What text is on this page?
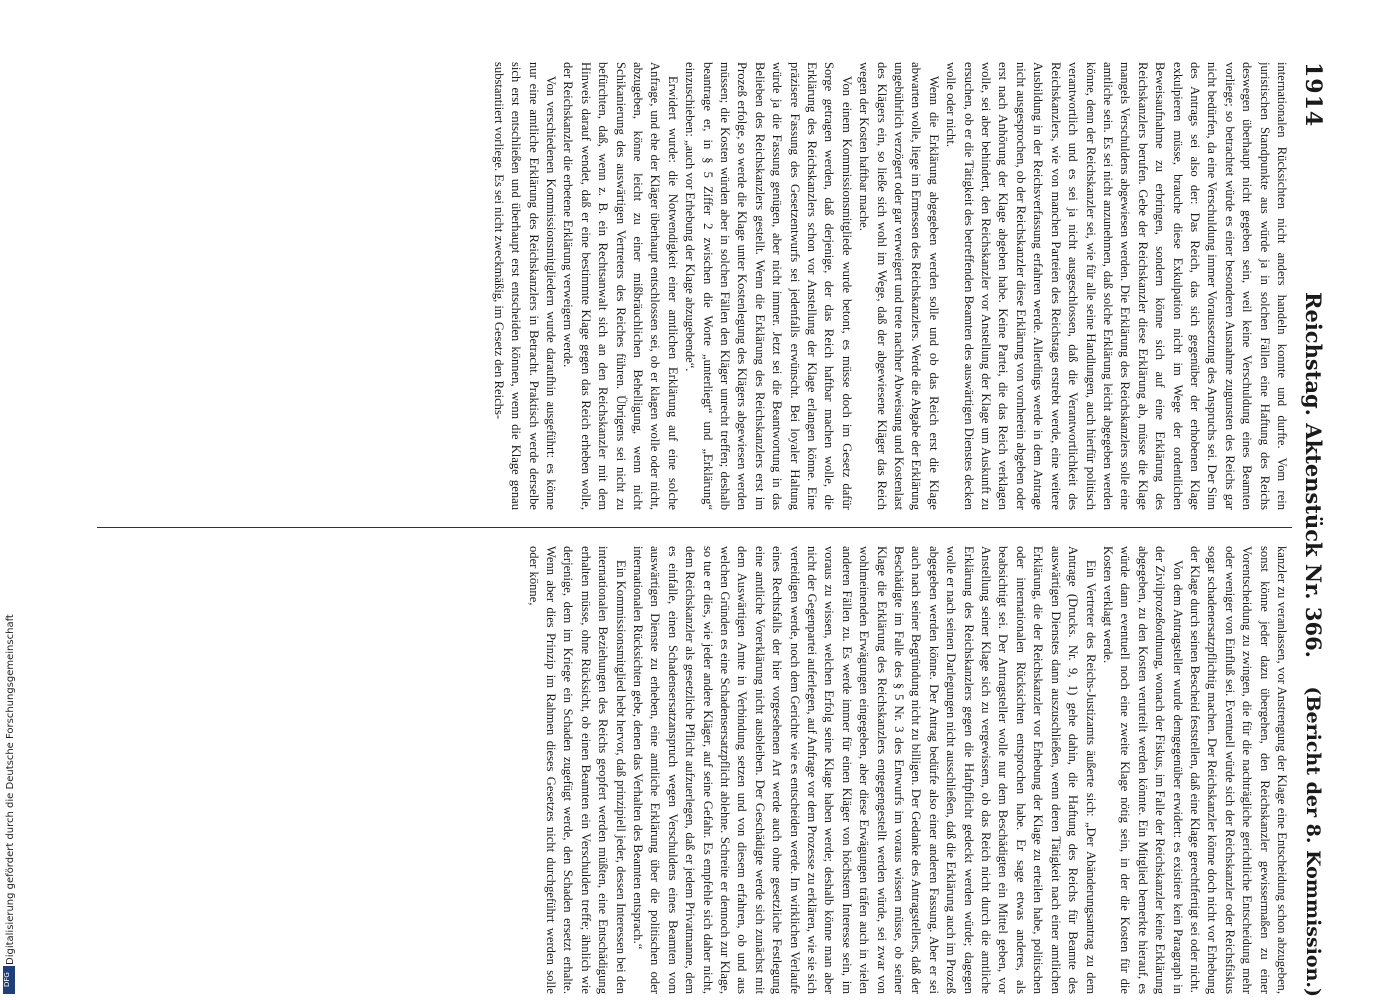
1914
Reichstag. Aktenstück Nr. 366.
(Bericht der 8. Kommission.)

internationalen Rücksichten nicht anders handeln konnte und durfte. Vom rein juristischen Standpunkte aus würde ja in solchen Fällen eine Haftung des Reichs deswegen überhaupt nicht gegeben sein, weil keine Verschuldung eines Beamten vorliege; so betrachtet würde es einer besonderen Ausnahme zugunsten des Reichs gar nicht bedürfen, da eine Verschuldung immer Voraussetzung des Anspruchs sei. Der Sinn des Antrags sei also der: Das Reich, das sich gegenüber der erhobenen Klage exkulpieren müsse, brauche diese Exkulpation nicht im Wege der ordentlichen Beweisaufnahme zu erbringen, sondern könne sich auf eine Erklärung des Reichskanzlers berufen. Gebe der Reichskanzler diese Erklärung ab, müsse die Klage mangels Verschuldens abgewiesen werden. Die Erklärung des Reichskanzlers solle eine amtliche sein. Es sei nicht anzunehmen, daß solche Erklärung leicht abgegeben werden könne, denn der Reichskanzler sei, wie für alle seine Handlungen, auch hierfür politisch verantwortlich und es sei ja nicht ausgeschlossen, daß die Verantwortlichkeit des Reichskanzlers, wie von manchen Parteien des Reichstags erstrebt werde, eine weitere Ausbildung in der Reichsverfassung erfahren werde. Allerdings werde in dem Antrage nicht ausgesprochen, ob der Reichskanzler diese Erklärung von vornherein abgeben oder erst nach Anhörung der Klage abgeben habe. Keine Partei, die das Reich verklagen wolle, sei aber behindert, den Reichskanzler vor Anstellung der Klage um Auskunft zu ersuchen, ob er die Tätigkeit des betreffenden Beamten des auswärtigen Dienstes decken wolle oder nicht.

Wenn die Erklärung abgegeben werden solle und ob das Reich erst die Klage abwarten wolle, liege im Ermessen des Reichskanzlers. Werde die Abgabe der Erklärung ungebührlich verzögert oder gar verweigert und trete nachher Abweisung und Kostenlast des Klägers ein, so ließe sich wohl im Wege, daß der abgewiesene Kläger das Reich wegen der Kosten haftbar mache.

Von einem Kommissionsmitgliede wurde betont, es müsse doch im Gesetz dafür Sorge getragen werden, daß derjenige, der das Reich haftbar machen wolle, die Erklärung des Reichskanzlers schon vor Anstellung der Klage erlangen könne. Eine präzisere Fassung des Gesetzentwurfs sei jedenfalls erwünscht. Bei loyaler Haltung würde ja die Fassung genügen, aber nicht immer. Jetzt sei die Beantwortung in das Belieben des Reichskanzlers gestellt. Wenn die Erklärung des Reichskanzlers erst im Prozeß erfolge, so werde die Klage unter Kostenlegung des Klägers abgewiesen werden müssen; die Kosten würden aber in solchen Fällen den Kläger unrecht treffen; deshalb beantrage er, in § 5 Ziffer 2 zwischen die Worte „unterliegt“ und „Erklärung“ einzuschieben: „auch vor Erhebung der Klage abzugebende“.

Erwidert wurde: die Notwendigkeit einer amtlichen Erklärung auf eine solche Anfrage, und ehe der Kläger überhaupt entschlossen sei, ob er klagen wolle oder nicht, abzugeben, könne leicht zu einer mißbräuchlichen Behelligung, wenn nicht Schikanierung des auswärtigen Vertreters des Reiches führen. Übrigens sei nicht zu befürchten, daß, wenn z. B. ein Rechtsanwalt sich an den Reichskanzler mit dem Hinweis darauf wendet, daß er eine bestimmte Klage gegen das Reich erheben wolle, der Reichskanzler die erbetene Erklärung verweigern werde.

Von verschiedenen Kommissionsmitgliedern wurde daraufhin ausgeführt: es könne nur eine amtliche Erklärung des Reichskanzlers in Betracht. Praktisch werde derselbe sich erst entschließen und überhaupt erst entscheiden können, wenn die Klage genau substantiiert vorliege. Es sei nicht zweckmäßig, im Gesetz den Reichs-

kanzler zu veranlassen, vor Anstrengung der Klage eine Entscheidung schon abzugeben, sonst könne jeder dazu übergehen, den Reichskanzler gewissermaßen zu einer Vorentscheidung zu zwingen, die für die nachträgliche gerichtliche Entscheidung mehr oder weniger von Einfluß sei. Eventuell würde sich der Reichskanzler oder Reichsfiskus sogar schadenersatzpflichtig machen. Der Reichskanzler könne doch nicht vor Erhebung der Klage durch seinen Bescheid feststellen, daß eine Klage gerechtfertigt sei oder nicht.

Von dem Antragsteller wurde demgegenüber erwidert: es existiere kein Paragraph in der Zivilprozeßordnung, wonach der Fiskus, im Falle der Reichskanzler keine Erklärung abgegeben, zu den Kosten verurteilt werden könnte. Ein Mitglied bemerkte hierauf, es würde dann eventuell noch eine zweite Klage nötig sein, in der die Kosten für die Kosten verklagt werde.

Ein Vertreter des Reichs-Justizamts äußerte sich: „Der Abänderungsantrag zu dem Antrage (Drucks. Nr. 9, 1) gehe dahin, die Haftung des Reichs für Beamte des auswärtigen Dienstes dann auszuschließen, wenn deren Tätigkeit nach einer amtlichen Erklärung, die der Reichskanzler vor Erhebung der Klage zu erteilen habe, politischen oder internationalen Rücksichten entsprochen habe. Er sage etwas anderes, als beabsichtigt sei. Der Antragsteller wolle nur dem Beschädigten ein Mittel geben, vor Anstellung seiner Klage sich zu vergewissern, ob das Reich nicht durch die amtliche Erklärung des Reichskanzlers gegen die Haftpflicht gedeckt werden würde; dagegen wolle er nach seinen Darlegungen nicht ausschließen, daß die Erklärung auch im Prozeß abgegeben werden könne. Der Antrag bedürfe also einer anderen Fassung. Aber er sei auch nach seiner Begründung nicht zu billigen. Der Gedanke des Antragstellers, daß der Beschädigte im Falle des § 5 Nr. 3 des Entwurfs im voraus wissen müsse, ob seiner Klage die Erklärung des Reichskanzlers entgegengestellt werden würde, sei zwar von wohlmeinenden Erwägungen eingegeben, aber diese Erwägungen träfen auch in vielen anderen Fällen zu. Es werde immer für einen Kläger von höchstem Interesse sein, im voraus zu wissen, welchen Erfolg seine Klage haben werde; deshalb könne man aber nicht der Gegenpartei auferlegen, auf Anfrage vor dem Prozesse zu erklären, wie sie sich verteidigen werde, noch dem Gerichte wie es entscheiden werde. Im wirklichen Verlaufe eines Rechtsfalls der hier vorgesehenen Art werde auch ohne gesetzliche Festlegung eine amtliche Vorerklärung nicht ausbleiben. Der Geschädigte werde sich zunächst mit dem Auswärtigen Amte in Verbindung setzen und von diesem erfahren, ob und aus welchen Gründen es eine Schadensersatzpflicht ablehne. Schreite er dennoch zur Klage, so tue er dies, wie jeder andere Kläger, auf seine Gefahr. Es empfehle sich daher nicht, dem Reichskanzler als gesetzliche Pflicht aufzuerlegen, daß er jedem Privatmanne, dem es einfalle, einen Schadensersatzanspruch wegen Verschuldens eines Beamten vom auswärtigen Dienste zu erheben, eine amtliche Erklärung über die politischen oder internationalen Rücksichten gebe, denen das Verhalten des Beamten entsprach.“

Ein Kommissionsmitglied hebt hervor, daß prinzipiell jeder, dessen Interessen bei den internationalen Beziehungen des Reichs geopfert werden müßten, eine Entschädigung erhalten müsse, ohne Rücksicht, ob einen Beamten ein Verschulden treffe; ähnlich wie derjenige, dem im Kriege ein Schaden zugefügt werde, den Schaden ersetzt erhalte. Wenn aber dies Prinzip im Rahmen dieses Gesetzes nicht durchgeführt werden solle oder könne,

Digitalisierung gefördert durch die Deutsche Forschungsgemeinschaft
DFG
